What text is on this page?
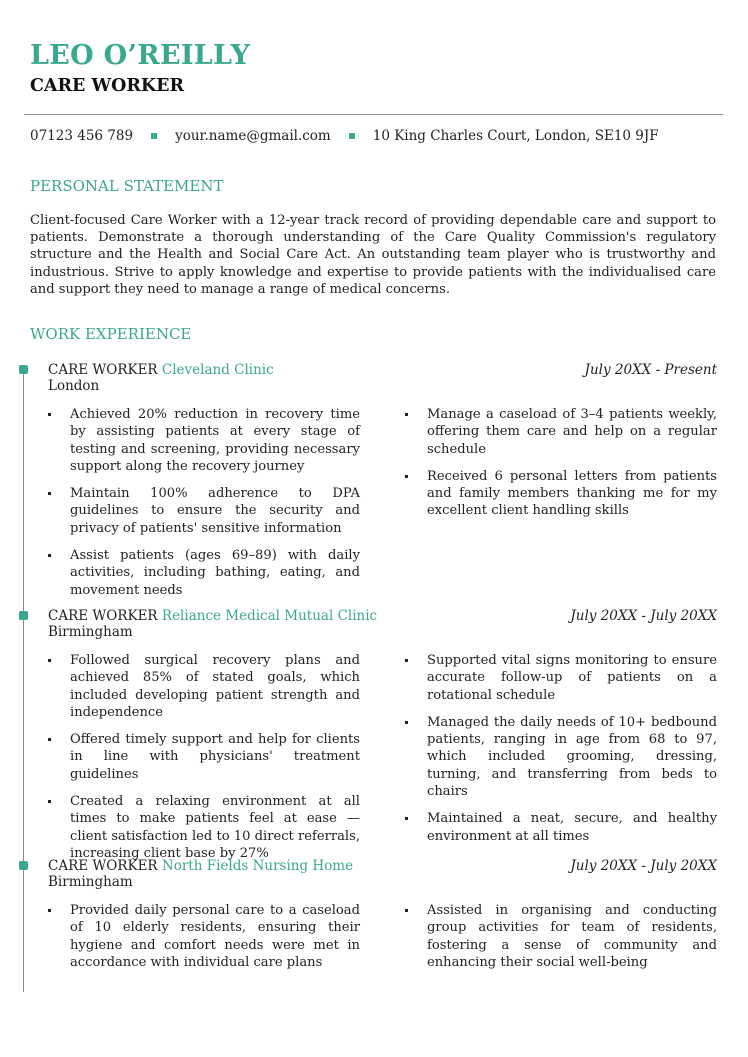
LEO O’REILLY
CARE WORKER
07123 456 789	your.name@gmail.com	10 King Charles Court, London, SE10 9JF
PERSONAL STATEMENT

Client-focused Care Worker with a 12-year track record of providing dependable care and support to patients. Demonstrate a thorough understanding of the Care Quality Commission's regulatory structure and the Health and Social Care Act. An outstanding team player who is trustworthy and industrious. Strive to apply knowledge and expertise to provide patients with the individualised care and support they need to manage a range of medical concerns.

WORK EXPERIENCE
CARE WORKER Cleveland Clinic	July 20XX - Present
London
Achieved 20% reduction in recovery time by assisting patients at every stage of testing and screening, providing necessary support along the recovery journey
Maintain 100% adherence to DPA guidelines to ensure the security and privacy of patients' sensitive information
Assist patients (ages 69–89) with daily activities, including bathing, eating, and movement needs
Manage a caseload of 3–4 patients weekly, offering them care and help on a regular schedule
Received 6 personal letters from patients and family members thanking me for my excellent client handling skills
CARE WORKER Reliance Medical Mutual Clinic	July 20XX - July 20XX
Birmingham
Followed surgical recovery plans and achieved 85% of stated goals, which included developing patient strength and independence
Offered timely support and help for clients in line with physicians' treatment guidelines
Created a relaxing environment at all times to make patients feel at ease — client satisfaction led to 10 direct referrals, increasing client base by 27%
Supported vital signs monitoring to ensure accurate follow-up of patients on a rotational schedule
Managed the daily needs of 10+ bedbound patients, ranging in age from 68 to 97, which included grooming, dressing, turning, and transferring from beds to chairs
Maintained a neat, secure, and healthy environment at all times
CARE WORKER North Fields Nursing Home	July 20XX - July 20XX
Birmingham
Provided daily personal care to a caseload of 10 elderly residents, ensuring their hygiene and comfort needs were met in accordance with individual care plans
Assisted in organising and conducting group activities for team of residents, fostering a sense of community and enhancing their social well-being
